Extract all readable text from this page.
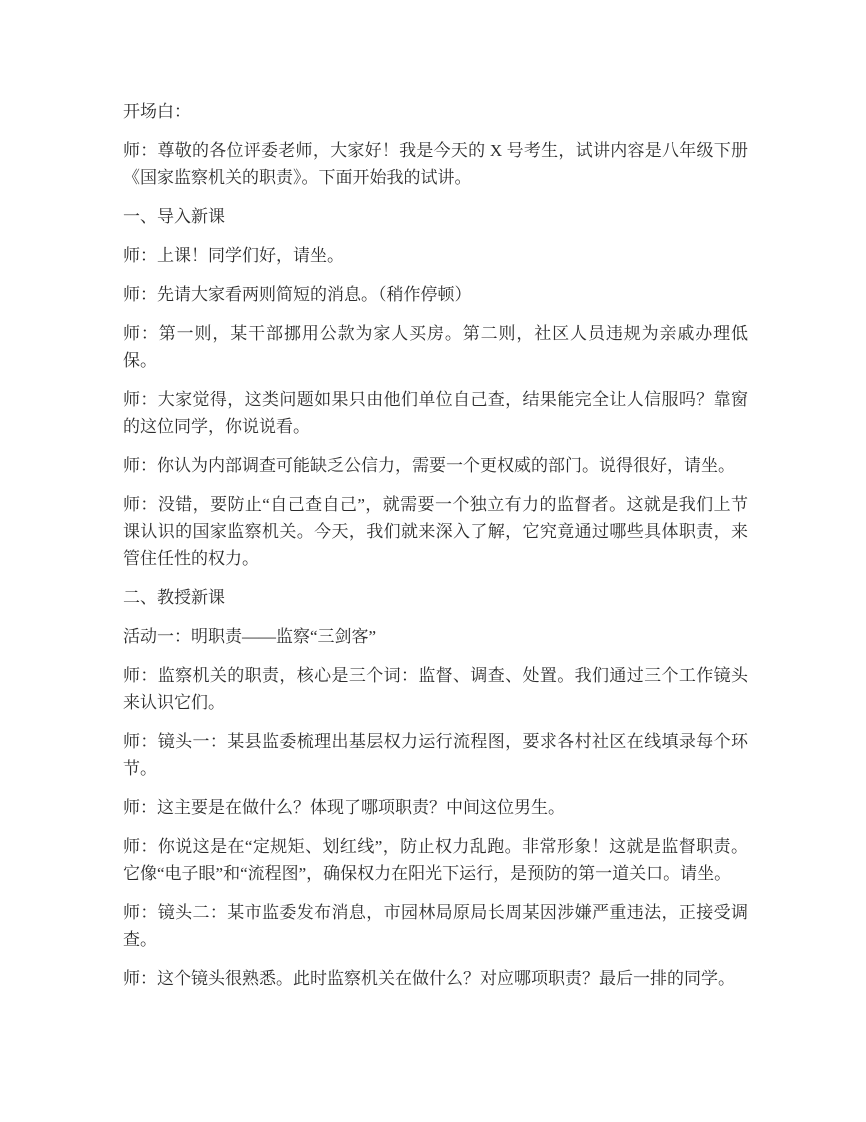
开场白：

师：尊敬的各位评委老师，大家好！我是今天的 X 号考生，试讲内容是八年级下册《国家监察机关的职责》。下面开始我的试讲。

一、导入新课

师：上课！同学们好，请坐。

师：先请大家看两则简短的消息。（稍作停顿）

师：第一则，某干部挪用公款为家人买房。第二则，社区人员违规为亲戚办理低保。

师：大家觉得，这类问题如果只由他们单位自己查，结果能完全让人信服吗？靠窗的这位同学，你说说看。

师：你认为内部调查可能缺乏公信力，需要一个更权威的部门。说得很好，请坐。

师：没错，要防止“自己查自己”，就需要一个独立有力的监督者。这就是我们上节课认识的国家监察机关。今天，我们就来深入了解，它究竟通过哪些具体职责，来管住任性的权力。

二、教授新课

活动一：明职责——监察“三剑客”

师：监察机关的职责，核心是三个词：监督、调查、处置。我们通过三个工作镜头来认识它们。

师：镜头一：某县监委梳理出基层权力运行流程图，要求各村社区在线填录每个环节。

师：这主要是在做什么？体现了哪项职责？中间这位男生。

师：你说这是在“定规矩、划红线”，防止权力乱跑。非常形象！这就是监督职责。它像“电子眼”和“流程图”，确保权力在阳光下运行，是预防的第一道关口。请坐。

师：镜头二：某市监委发布消息，市园林局原局长周某因涉嫌严重违法，正接受调查。

师：这个镜头很熟悉。此时监察机关在做什么？对应哪项职责？最后一排的同学。
